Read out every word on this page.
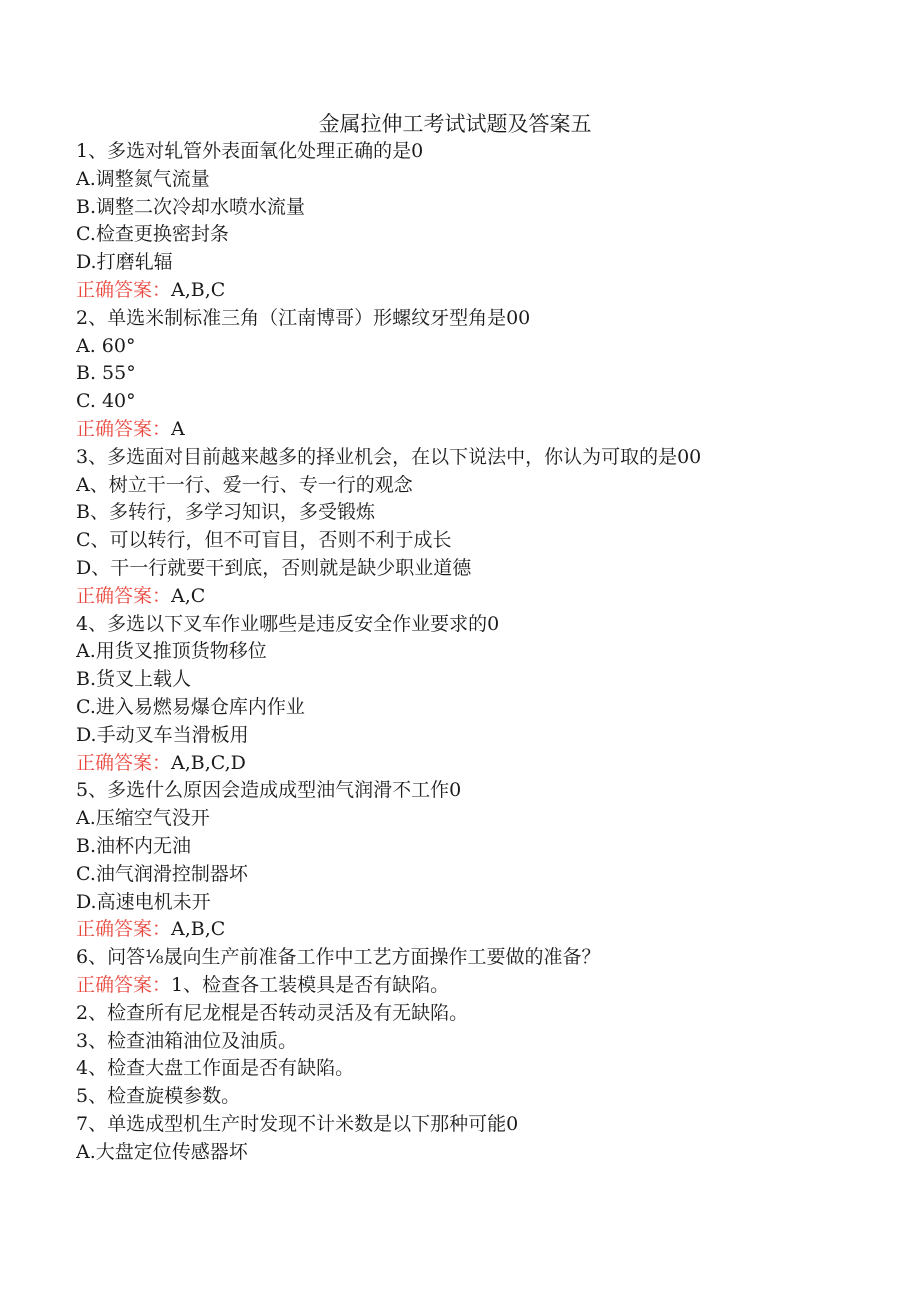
金属拉伸工考试试题及答案五
1、多选对轧管外表面氧化处理正确的是0
A.调整氮气流量
B.调整二次冷却水喷水流量
C.检查更换密封条
D.打磨轧辐
正确答案：A,B,C
2、单选米制标准三角（江南博哥）形螺纹牙型角是00
A. 60°
B. 55°
C. 40°
正确答案：A
3、多选面对目前越来越多的择业机会，在以下说法中，你认为可取的是00
A、树立干一行、爱一行、专一行的观念
B、多转行，多学习知识，多受锻炼
C、可以转行，但不可盲目，否则不利于成长
D、干一行就要干到底，否则就是缺少职业道德
正确答案：A,C
4、多选以下叉车作业哪些是违反安全作业要求的0
A.用货叉推顶货物移位
B.货叉上载人
C.进入易燃易爆仓库内作业
D.手动叉车当滑板用
正确答案：A,B,C,D
5、多选什么原因会造成成型油气润滑不工作0
A.压缩空气没开
B.油杯内无油
C.油气润滑控制器坏
D.高速电机未开
正确答案：A,B,C
6、问答⅛晟向生产前准备工作中工艺方面操作工要做的准备？
正确答案：1、检查各工装模具是否有缺陷。
2、检查所有尼龙棍是否转动灵活及有无缺陷。
3、检查油箱油位及油质。
4、检查大盘工作面是否有缺陷。
5、检查旋模参数。
7、单选成型机生产时发现不计米数是以下那种可能0
A.大盘定位传感器坏
